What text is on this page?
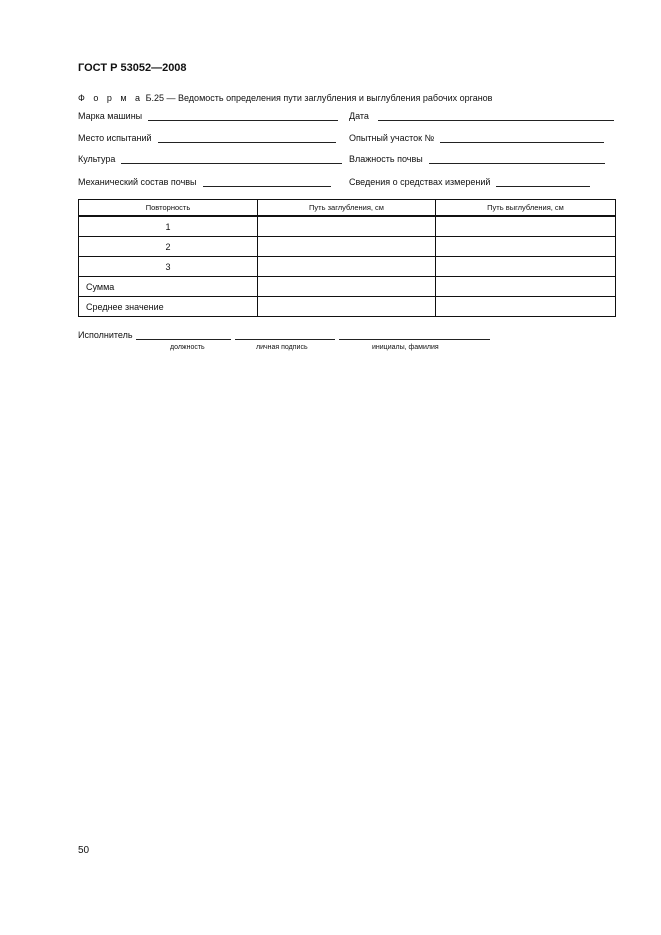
ГОСТ Р 53052—2008
Ф о р м а Б.25 — Ведомость определения пути заглубления и выглубления рабочих органов
Марка машины	Дата
Место испытаний	Опытный участок №
Культура	Влажность почвы
Механический состав почвы	Сведения о средствах измерений
Повторность	Путь заглубления, см	Путь выглубления, см
1		
2		
3		
Сумма		
Среднее значение		
Исполнитель
должность	личная подпись	инициалы, фамилия
50
